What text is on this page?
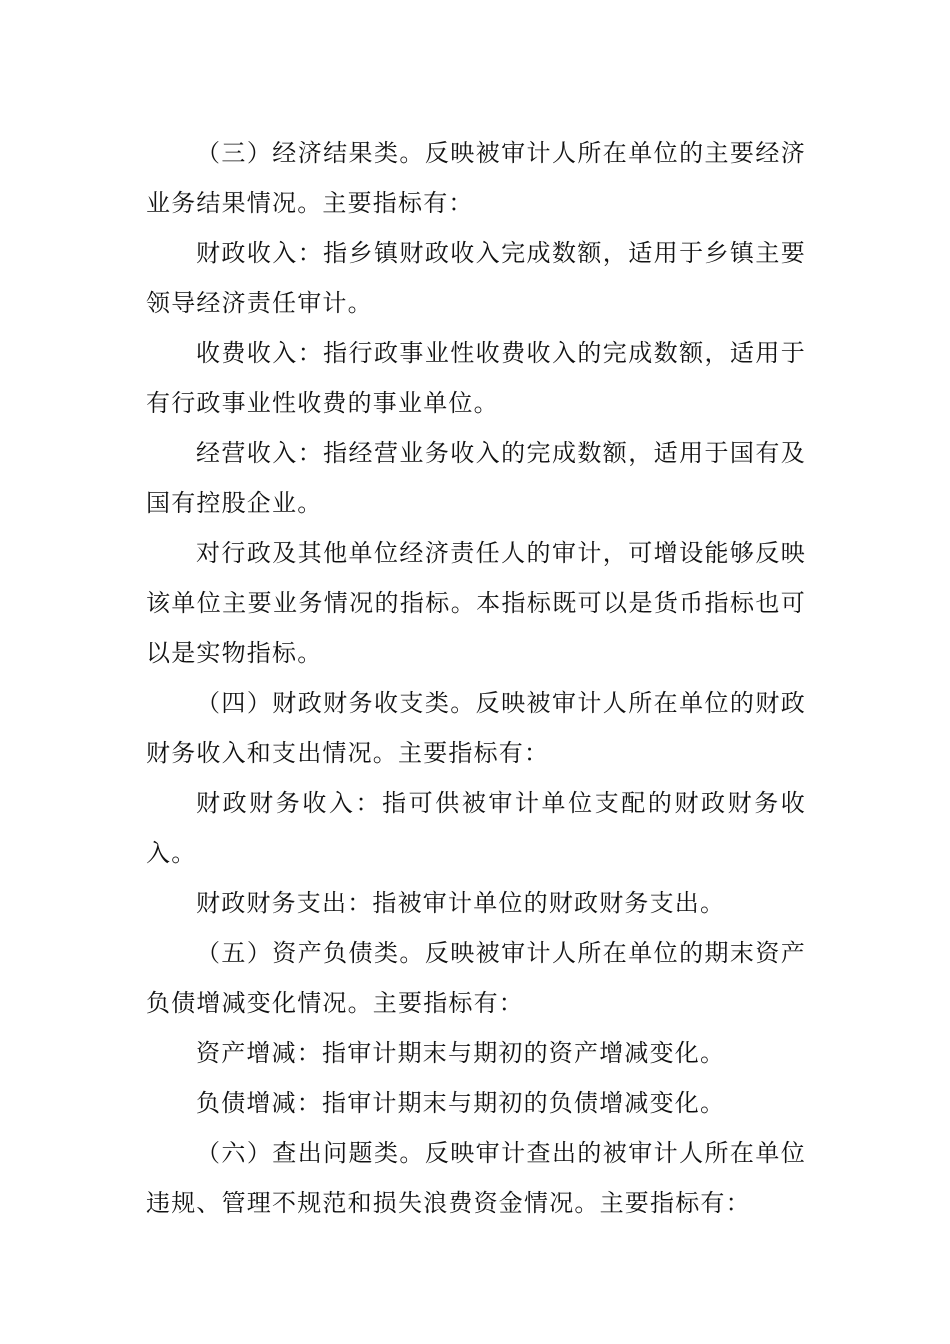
（三）经济结果类。反映被审计人所在单位的主要经济业务结果情况。主要指标有：

财政收入：指乡镇财政收入完成数额，适用于乡镇主要领导经济责任审计。

收费收入：指行政事业性收费收入的完成数额，适用于有行政事业性收费的事业单位。

经营收入：指经营业务收入的完成数额，适用于国有及国有控股企业。

对行政及其他单位经济责任人的审计，可增设能够反映该单位主要业务情况的指标。本指标既可以是货币指标也可以是实物指标。

（四）财政财务收支类。反映被审计人所在单位的财政财务收入和支出情况。主要指标有：

财政财务收入：指可供被审计单位支配的财政财务收入。

财政财务支出：指被审计单位的财政财务支出。

（五）资产负债类。反映被审计人所在单位的期末资产负债增减变化情况。主要指标有：

资产增减：指审计期末与期初的资产增减变化。

负债增减：指审计期末与期初的负债增减变化。

（六）查出问题类。反映审计查出的被审计人所在单位违规、管理不规范和损失浪费资金情况。主要指标有：
